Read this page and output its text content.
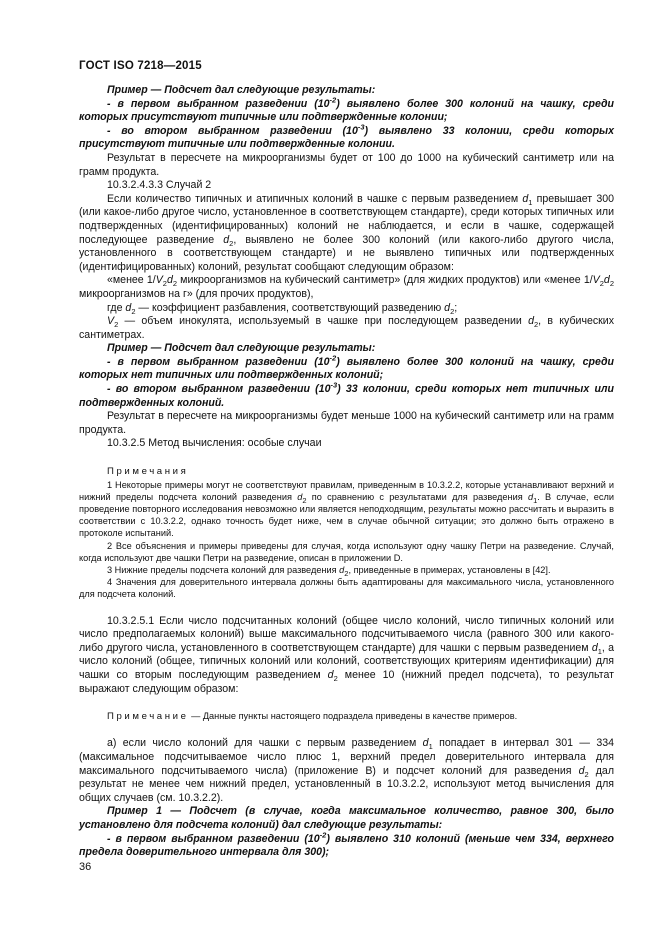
ГОСТ ISO 7218—2015

Пример — Подсчет дал следующие результаты:

- в первом выбранном разведении $(10^{-2})$ выявлено более 300 колоний на чашку, среди которых присутствуют типичные или подтвержденные колонии;

- во втором выбранном разведении $(10^{-3})$ выявлено 33 колонии, среди которых присутствуют типичные или подтвержденные колонии.

Результат в пересчете на микроорганизмы будет от 100 до 1000 на кубический сантиметр или на грамм продукта.

10.3.2.4.3.3 Случай 2

Если количество типичных и атипичных колоний в чашке с первым разведением $d_1$ превышает 300 (или какое-либо другое число, установленное в соответствующем стандарте), среди которых типичных или подтвержденных (идентифицированных) колоний не наблюдается, и если в чашке, содержащей последующее разведение $d_2$, выявлено не более 300 колоний (или какого-либо другого числа, установленного в соответствующем стандарте) и не выявлено типичных или подтвержденных (идентифицированных) колоний, результат сообщают следующим образом:

«менее $1/V_2d_2$ микроорганизмов на кубический сантиметр» (для жидких продуктов) или «менее $1/V_2d_2$ микроорганизмов на г» (для прочих продуктов),

где $d_2$ — коэффициент разбавления, соответствующий разведению $d_2$;

$V_2$ — объем инокулята, используемый в чашке при последующем разведении $d_2$, в кубических сантиметрах.

Пример — Подсчет дал следующие результаты:

- в первом выбранном разведении $(10^{-2})$ выявлено более 300 колоний на чашку, среди которых нет типичных или подтвержденных колоний;

- во втором выбранном разведении $(10^{-3})$ 33 колонии, среди которых нет типичных или подтвержденных колоний.

Результат в пересчете на микроорганизмы будет меньше 1000 на кубический сантиметр или на грамм продукта.

10.3.2.5 Метод вычисления: особые случаи

Примечания

1 Некоторые примеры могут не соответствуют правилам, приведенным в 10.3.2.2, которые устанавливают верхний и нижний пределы подсчета колоний разведения $d_2$ по сравнению с результатами для разведения $d_1$. В случае, если проведение повторного исследования невозможно или является неподходящим, результаты можно рассчитать и выразить в соответствии с 10.3.2.2, однако точность будет ниже, чем в случае обычной ситуации; это должно быть отражено в протоколе испытаний.

2 Все объяснения и примеры приведены для случая, когда используют одну чашку Петри на разведение. Случай, когда используют две чашки Петри на разведение, описан в приложении D.

3 Нижние пределы подсчета колоний для разведения $d_2$, приведенные в примерах, установлены в [42].

4 Значения для доверительного интервала должны быть адаптированы для максимального числа, установленного для подсчета колоний.

10.3.2.5.1 Если число подсчитанных колоний (общее число колоний, число типичных колоний или число предполагаемых колоний) выше максимального подсчитываемого числа (равного 300 или какого-либо другого числа, установленного в соответствующем стандарте) для чашки с первым разведением $d_1$, а число колоний (общее, типичных колоний или колоний, соответствующих критериям идентификации) для чашки со вторым последующим разведением $d_2$ менее 10 (нижний предел подсчета), то результат выражают следующим образом:

Примечание — Данные пункты настоящего подраздела приведены в качестве примеров.

а) если число колоний для чашки с первым разведением $d_1$ попадает в интервал 301 — 334 (максимальное подсчитываемое число плюс 1, верхний предел доверительного интервала для максимального подсчитываемого числа) (приложение В) и подсчет колоний для разведения $d_2$ дал результат не менее чем нижний предел, установленный в 10.3.2.2, используют метод вычисления для общих случаев (см. 10.3.2.2).

Пример 1 — Подсчет (в случае, когда максимальное количество, равное 300, было установлено для подсчета колоний) дал следующие результаты:

- в первом выбранном разведении $(10^{-2})$ выявлено 310 колоний (меньше чем 334, верхнего предела доверительного интервала для 300);

36
